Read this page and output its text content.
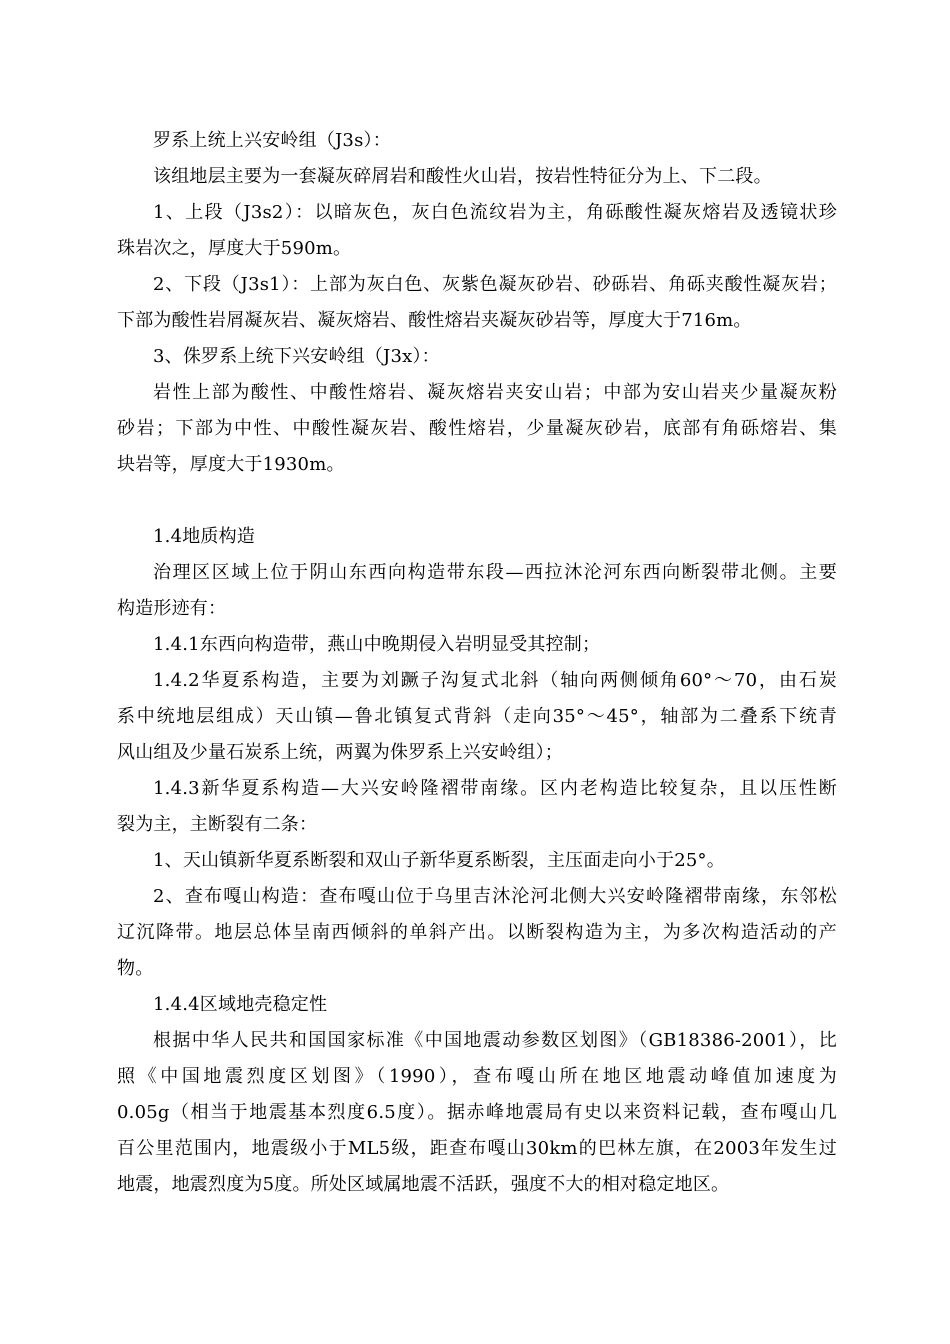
罗系上统上兴安岭组（J3s）：
该组地层主要为一套凝灰碎屑岩和酸性火山岩，按岩性特征分为上、下二段。
1、上段（J3s2）：以暗灰色，灰白色流纹岩为主，角砾酸性凝灰熔岩及透镜状珍
珠岩次之，厚度大于590m。
2、下段（J3s1）：上部为灰白色、灰紫色凝灰砂岩、砂砾岩、角砾夹酸性凝灰岩；
下部为酸性岩屑凝灰岩、凝灰熔岩、酸性熔岩夹凝灰砂岩等，厚度大于716m。
3、侏罗系上统下兴安岭组（J3x）：
岩性上部为酸性、中酸性熔岩、凝灰熔岩夹安山岩；中部为安山岩夹少量凝灰粉
砂岩；下部为中性、中酸性凝灰岩、酸性熔岩，少量凝灰砂岩，底部有角砾熔岩、集
块岩等，厚度大于1930m。
1.4地质构造
治理区区域上位于阴山东西向构造带东段—西拉沐沦河东西向断裂带北侧。主要
构造形迹有：
1.4.1东西向构造带，燕山中晚期侵入岩明显受其控制；
1.4.2华夏系构造，主要为刘蹶子沟复式北斜（轴向两侧倾角60°～70，由石炭
系中统地层组成）天山镇—鲁北镇复式背斜（走向35°～45°，轴部为二叠系下统青
风山组及少量石炭系上统，两翼为侏罗系上兴安岭组）；
1.4.3新华夏系构造—大兴安岭隆褶带南缘。区内老构造比较复杂，且以压性断
裂为主，主断裂有二条：
1、天山镇新华夏系断裂和双山子新华夏系断裂，主压面走向小于25°。
2、查布嘎山构造：查布嘎山位于乌里吉沐沦河北侧大兴安岭隆褶带南缘，东邻松
辽沉降带。地层总体呈南西倾斜的单斜产出。以断裂构造为主，为多次构造活动的产
物。
1.4.4区域地壳稳定性
根据中华人民共和国国家标准《中国地震动参数区划图》（GB18386-2001），比
照《中国地震烈度区划图》（1990），查布嘎山所在地区地震动峰值加速度为
0.05g（相当于地震基本烈度6.5度）。据赤峰地震局有史以来资料记载，查布嘎山几
百公里范围内，地震级小于ML5级，距查布嘎山30km的巴林左旗，在2003年发生过
地震，地震烈度为5度。所处区域属地震不活跃，强度不大的相对稳定地区。
